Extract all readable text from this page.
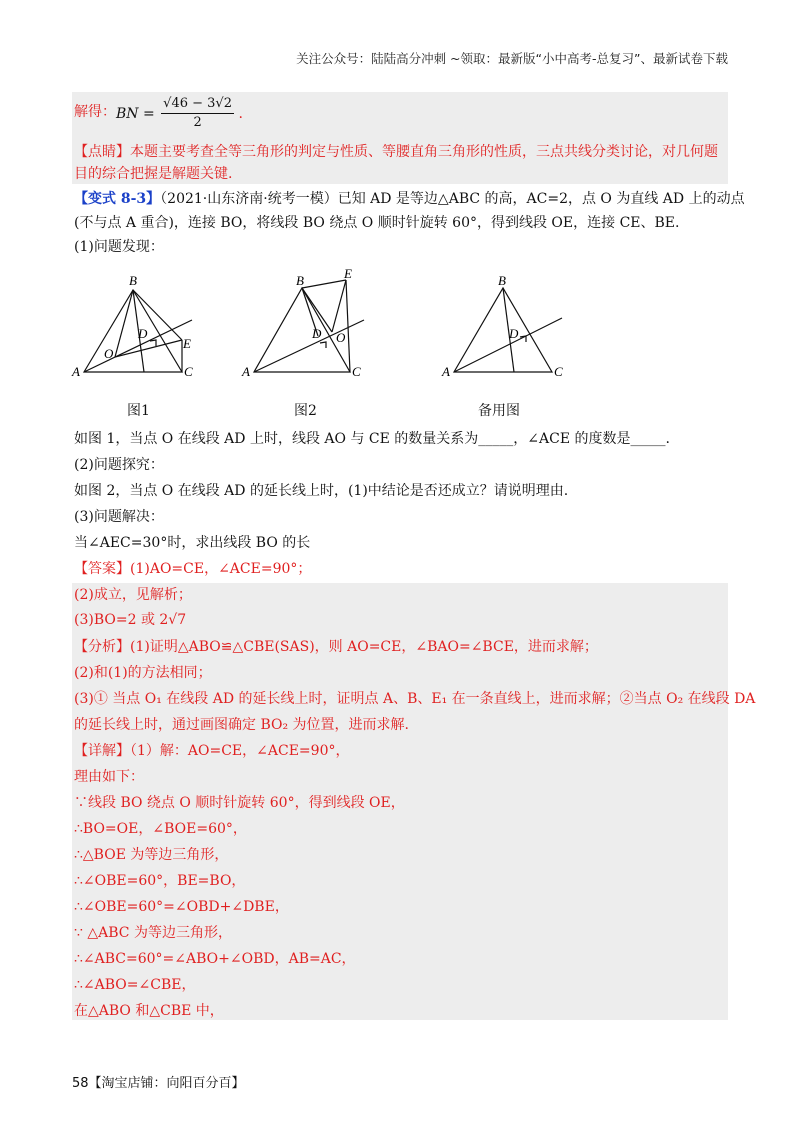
关注公众号：陆陆高分冲刺 ~领取：最新版“小中高考-总复习”、最新试卷下载
解得： BN = $\frac{√46 - 3√2}{2}$ .
【点睛】本题主要考查全等三角形的判定与性质、等腰直角三角形的性质，三点共线分类讨论，对几何题
目的综合把握是解题关键.
【变式 8-3】（2021·山东济南·统考一模）已知 AD 是等边△ABC 的高，AC=2，点 O 为直线 AD 上的动点
(不与点 A 重合)，连接 BO，将线段 BO 绕点 O 顺时针旋转 60°，得到线段 OE，连接 CE、BE.
(1)问题发现：
A
B
C
D
O
E
图1
A
B
C
D O
E
图2
A
B
C
D
备用图
如图 1，当点 O 在线段 AD 上时，线段 AO 与 CE 的数量关系为_____，∠ACE 的度数是_____.
(2)问题探究：
如图 2，当点 O 在线段 AD 的延长线上时，(1)中结论是否还成立？请说明理由.
(3)问题解决：
当∠AEC=30°时，求出线段 BO 的长
【答案】(1)AO=CE，∠ACE=90°；
(2)成立，见解析；
(3)BO=2 或 2√7
【分析】(1)证明△ABO≌△CBE(SAS)，则 AO=CE，∠BAO=∠BCE，进而求解；
(2)和(1)的方法相同；
(3)① 当点 O₁ 在线段 AD 的延长线上时，证明点 A、B、E₁ 在一条直线上，进而求解；②当点 O₂ 在线段 DA
的延长线上时，通过画图确定 BO₂ 为位置，进而求解.
【详解】（1）解：AO=CE，∠ACE=90°，
理由如下：
∵线段 BO 绕点 O 顺时针旋转 60°，得到线段 OE，
∴BO=OE，∠BOE=60°，
∴△BOE 为等边三角形，
∴∠OBE=60°，BE=BO，
∴∠OBE=60°=∠OBD+∠DBE，
∵ △ABC 为等边三角形，
∴∠ABC=60°=∠ABO+∠OBD，AB=AC，
∴∠ABO=∠CBE，
在△ABO 和△CBE 中，
58【淘宝店铺：向阳百分百】
